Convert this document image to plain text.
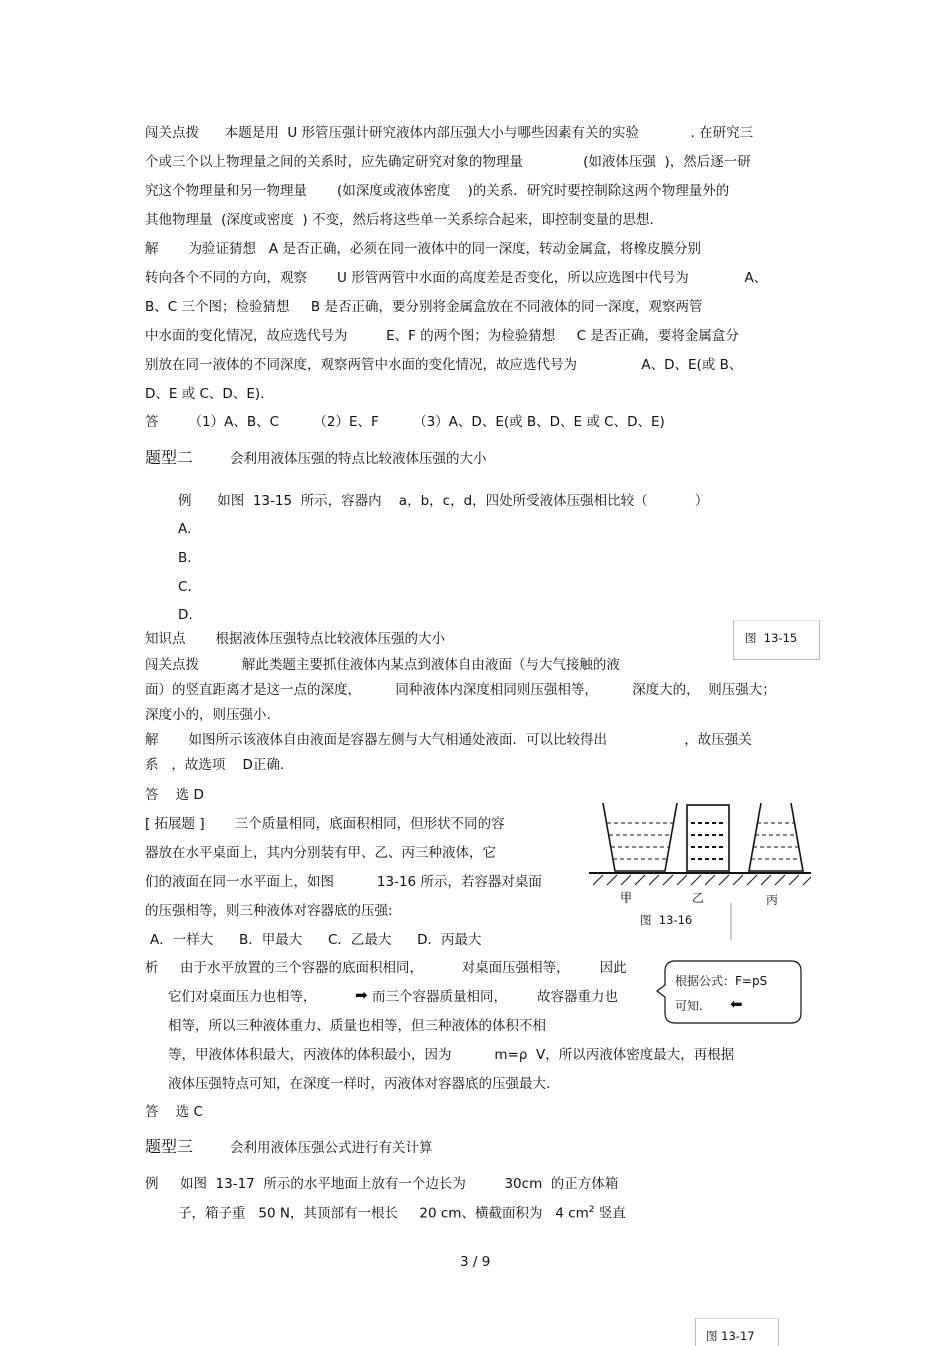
闯关点拨      本题是用  U 形管压强计研究液体内部压强大小与哪些因素有关的实验            . 在研究三
个或三个以上物理量之间的关系时，应先确定研究对象的物理量              (如液体压强  )，然后逐一研
究这个物理量和另一物理量       (如深度或液体密度    )的关系．研究时要控制除这两个物理量外的
其他物理量  (深度或密度  ) 不变，然后将这些单一关系综合起来，即控制变量的思想.
解       为验证猜想   A 是否正确，必须在同一液体中的同一深度，转动金属盒，将橡皮膜分别
转向各个不同的方向，观察       U 形管两管中水面的高度差是否变化，所以应选图中代号为             A、
B、C 三个图；检验猜想     B 是否正确，要分别将金属盒放在不同液体的同一深度，观察两管
中水面的变化情况，故应选代号为         E、F 的两个图；为检验猜想     C 是否正确，要将金属盒分
别放在同一液体的不同深度，观察两管中水面的变化情况，故应选代号为               A、D、E(或 B、
D、E 或 C、D、E).
答       （1）A、B、C        （2）E、F        （3）A、D、E(或 B、D、E 或 C、D、E)
题型二	会利用液体压强的特点比较液体压强的大小
例      如图  13-15  所示，容器内    a，b，c，d，四处所受液体压强相比较（           ）
A.
B.
C.
D.
知识点       根据液体压强特点比较液体压强的大小	图  13-15
闯关点拨          解此类题主要抓住液体内某点到液体自由液面（与大气接触的液
面）的竖直距离才是这一点的深度，        同种液体内深度相同则压强相等，        深度大的，  则压强大；
深度小的，则压强小.
解       如图所示该液体自由液面是容器左侧与大气相通处液面．可以比较得出                  ，故压强关
系   ，故选项    D正确.
答    选 D
[ 拓展题 ]       三个质量相同，底面积相同，但形状不同的容
器放在水平桌面上，其内分别装有甲、乙、丙三种液体，它
们的液面在同一水平面上，如图          13-16 所示，若容器对桌面
的压强相等，则三种液体对容器底的压强:
A．一样大      B．甲最大      C．乙最大      D．丙最大
甲	乙	丙
图  13-16
析     由于水平放置的三个容器的底面积相同，         对桌面压强相等，       因此
它们对桌面压力也相等，	➡ 而三个容器质量相同，       故容器重力也
相等，所以三种液体重力、质量也相等，但三种液体的体积不相
等，甲液体体积最大，丙液体的体积最小，因为          m=ρ  V，所以丙液体密度最大，再根据
液体压强特点可知，在深度一样时，丙液体对容器底的压强最大.
根据公式：F=pS
可知. ⬅
答    选 C
题型三	会利用液体压强公式进行有关计算
例     如图  13-17  所示的水平地面上放有一个边长为         30cm  的正方体箱
子，箱子重   50 N，其顶部有一根长     20 cm、横截面积为   4 $cm^2$ 竖直
3 / 9
图 13-17
